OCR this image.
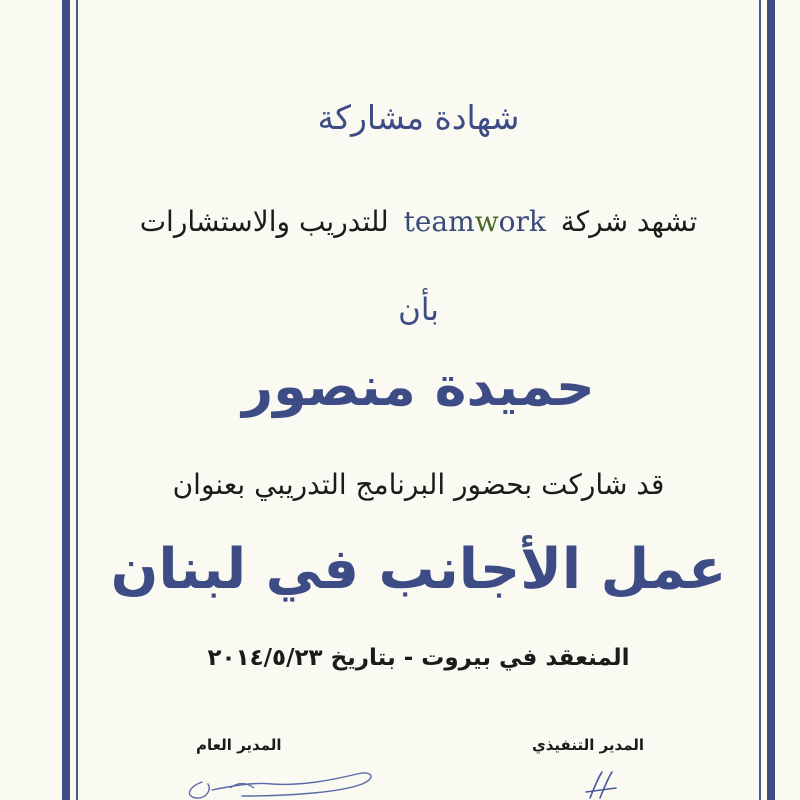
شهادة مشاركة
تشهد شركة teamwork للتدريب والاستشارات
بأن
حميدة منصور
قد شاركت بحضور البرنامج التدريبي بعنوان
عمل الأجانب في لبنان
المنعقد في بيروت - بتاريخ ٢٠١٤/٥/٢٣
المدير العام	المدير التنفيذي
